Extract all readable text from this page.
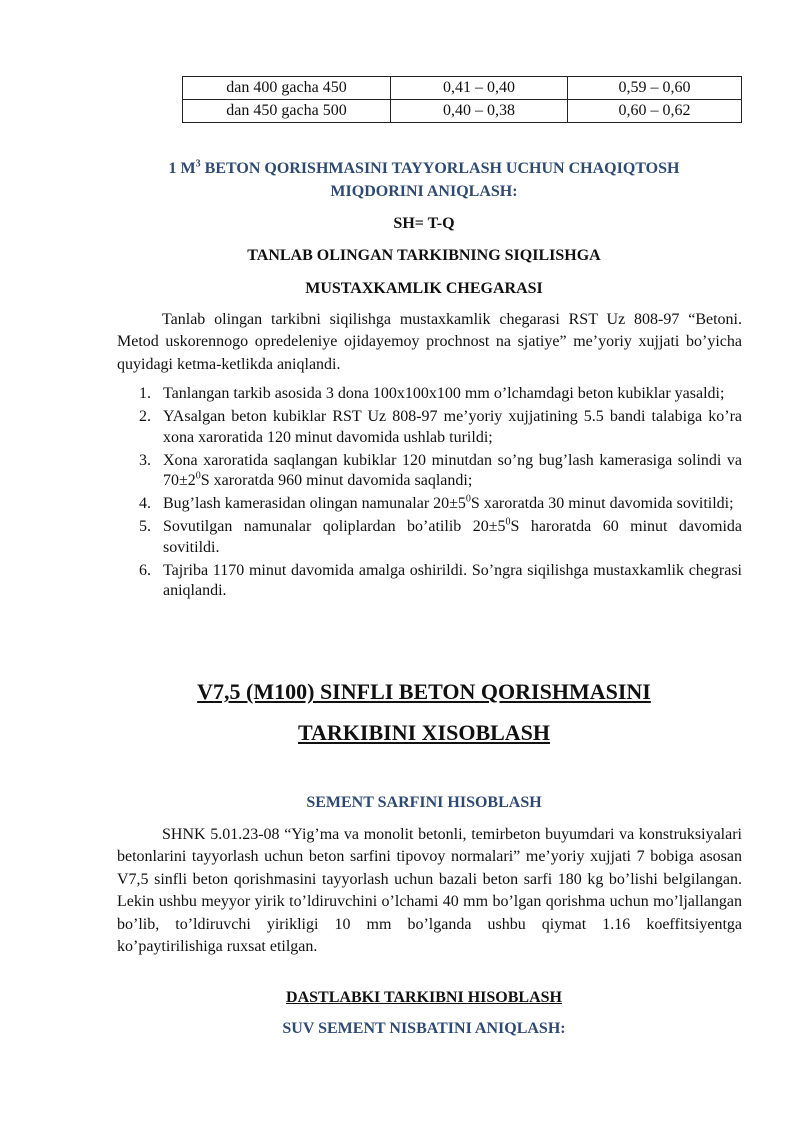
dan 400 gacha 450	0,41 – 0,40	0,59 – 0,60
dan 450 gacha 500	0,40 – 0,38	0,60 – 0,62
1 $M^3$ BETON QORISHMASINI TAYYORLASH UCHUN CHAQIQTOSH
MIQDORINI ANIQLASH:
SH= T-Q
TANLAB OLINGAN TARKIBNING SIQILISHGA
MUSTAXKAMLIK CHEGARASI

Tanlab olingan tarkibni siqilishga mustaxkamlik chegarasi RST Uz 808-97 “Betoni. Metod uskorennogo opredeleniye ojidayemoy prochnost na sjatiye” me’yoriy xujjati bo’yicha quyidagi ketma-ketlikda aniqlandi.

1. Tanlangan tarkib asosida 3 dona 100x100x100 mm o’lchamdagi beton kubiklar yasaldi;
2. YAsalgan beton kubiklar RST Uz 808-97 me’yoriy xujjatining 5.5 bandi talabiga ko’ra xona xaroratida 120 minut davomida ushlab turildi;
3. Xona xaroratida saqlangan kubiklar 120 minutdan so’ng bug’lash kamerasiga solindi va $70\pm 2^0S$ xaroratda 960 minut davomida saqlandi;
4. Bug’lash kamerasidan olingan namunalar $20\pm 5^0S$ xaroratda 30 minut davomida sovitildi;
5. Sovutilgan namunalar qoliplardan bo’atilib $20\pm 5^0S$ haroratda 60 minut davomida sovitildi.
6. Tajriba 1170 minut davomida amalga oshirildi. So’ngra siqilishga mustaxkamlik chegrasi aniqlandi.
V7,5 (M100) SINFLI BETON QORISHMASINI
TARKIBINI XISOBLASH
SEMENT SARFINI HISOBLASH

SHNK 5.01.23-08 “Yig’ma va monolit betonli, temirbeton buyumdari va konstruksiyalari betonlarini tayyorlash uchun beton sarfini tipovoy normalari” me’yoriy xujjati 7 bobiga asosan V7,5 sinfli beton qorishmasini tayyorlash uchun bazali beton sarfi 180 kg bo’lishi belgilangan. Lekin ushbu meyyor yirik to’ldiruvchini o’lchami 40 mm bo’lgan qorishma uchun mo’ljallangan bo’lib, to’ldiruvchi yirikligi 10 mm bo’lganda ushbu qiymat 1.16 koeffitsiyentga ko’paytirilishiga ruxsat etilgan.

DASTLABKI TARKIBNI HISOBLASH
SUV SEMENT NISBATINI ANIQLASH:
